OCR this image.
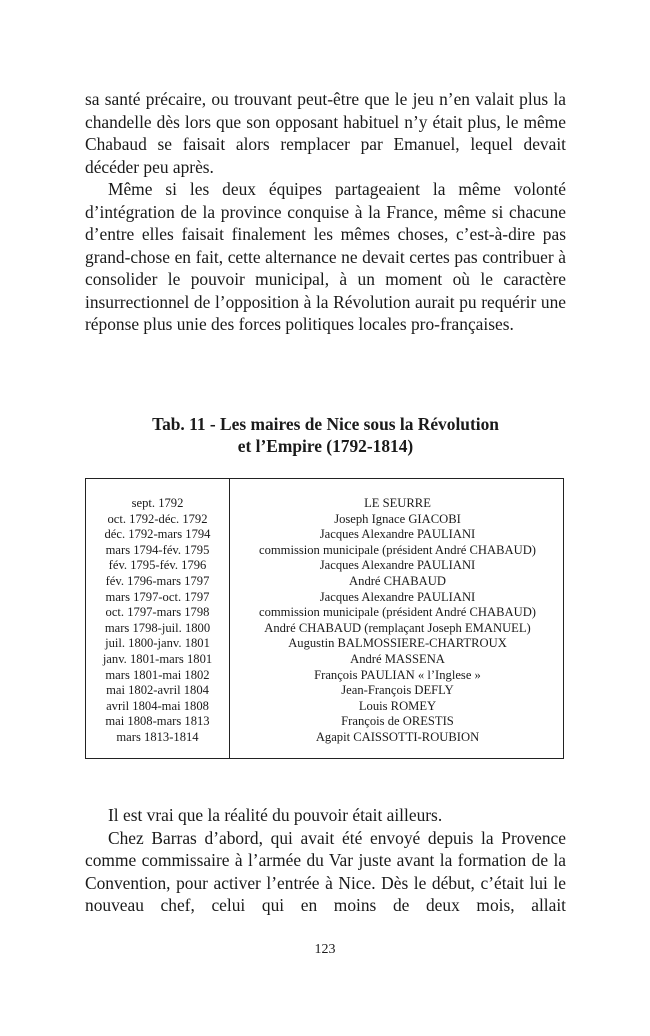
sa santé précaire, ou trouvant peut-être que le jeu n’en valait plus la chandelle dès lors que son opposant habituel n’y était plus, le même Chabaud se faisait alors remplacer par Emanuel, lequel devait décéder peu après.

Même si les deux équipes partageaient la même volonté d’intégration de la province conquise à la France, même si chacune d’entre elles faisait finalement les mêmes choses, c’est-à-dire pas grand-chose en fait, cette alternance ne devait certes pas contribuer à consolider le pouvoir municipal, à un moment où le caractère insurrectionnel de l’opposition à la Révolution aurait pu requérir une réponse plus unie des forces politiques locales pro-françaises.

Tab. 11 - Les maires de Nice sous la Révolution
et l’Empire (1792-1814)
sept. 1792
oct. 1792-déc. 1792
déc. 1792-mars 1794
mars 1794-fév. 1795
fév. 1795-fév. 1796
fév. 1796-mars 1797
mars 1797-oct. 1797
oct. 1797-mars 1798
mars 1798-juil. 1800
juil. 1800-janv. 1801
janv. 1801-mars 1801
mars 1801-mai 1802
mai 1802-avril 1804
avril 1804-mai 1808
mai 1808-mars 1813
mars 1813-1814
LE SEURRE
Joseph Ignace GIACOBI
Jacques Alexandre PAULIANI
commission municipale (président André CHABAUD)
Jacques Alexandre PAULIANI
André CHABAUD
Jacques Alexandre PAULIANI
commission municipale (président André CHABAUD)
André CHABAUD (remplaçant Joseph EMANUEL)
Augustin BALMOSSIERE-CHARTROUX
André MASSENA
François PAULIAN « l’Inglese »
Jean-François DEFLY
Louis ROMEY
François de ORESTIS
Agapit CAISSOTTI-ROUBION

Il est vrai que la réalité du pouvoir était ailleurs.

Chez Barras d’abord, qui avait été envoyé depuis la Provence comme commissaire à l’armée du Var juste avant la formation de la Convention, pour activer l’entrée à Nice. Dès le début, c’était lui le nouveau chef, celui qui en moins de deux mois, allait

123
